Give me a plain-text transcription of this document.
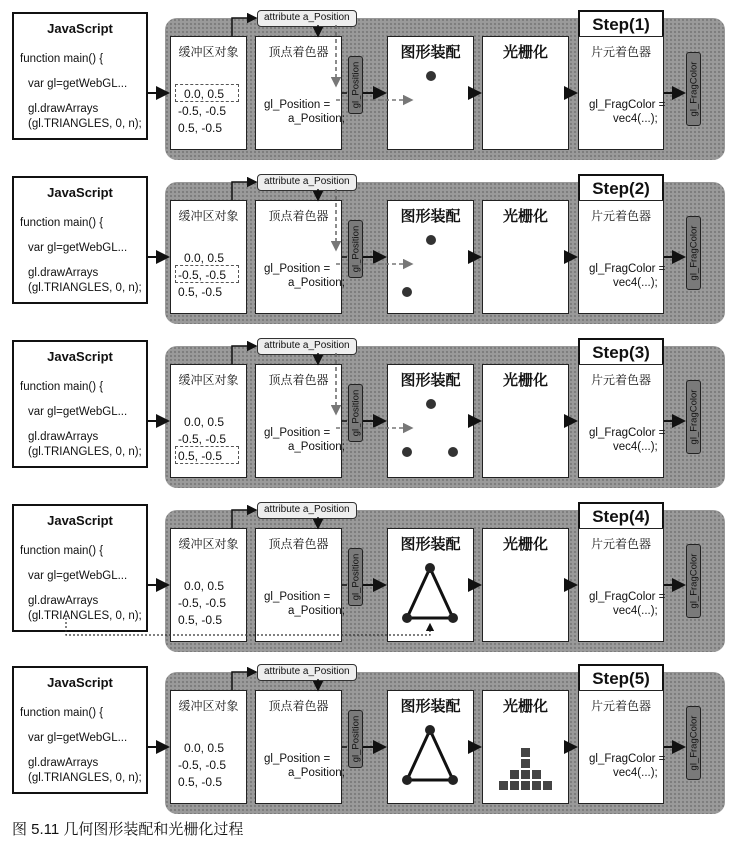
JavaScript
function main() {
var gl=getWebGL...
gl.drawArrays
(gl.TRIANGLES, 0, n);
Step(1)
attribute a_Position
缓冲区对象
0.0, 0.5
-0.5, -0.5
0.5, -0.5
顶点着色器
gl_Position =
a_Position;
gl_Position
图形装配	光栅化	片元着色器
gl_FragColor =
vec4(...);
gl_FragColor
JavaScript
function main() {
var gl=getWebGL...
gl.drawArrays
(gl.TRIANGLES, 0, n);
Step(2)
attribute a_Position
缓冲区对象
0.0, 0.5
-0.5, -0.5
0.5, -0.5
顶点着色器
gl_Position =
a_Position;
gl_Position
图形装配	光栅化	片元着色器
gl_FragColor =
vec4(...);
gl_FragColor
JavaScript
function main() {
var gl=getWebGL...
gl.drawArrays
(gl.TRIANGLES, 0, n);
Step(3)
attribute a_Position
缓冲区对象
0.0, 0.5
-0.5, -0.5
0.5, -0.5
顶点着色器
gl_Position =
a_Position;
gl_Position
图形装配	光栅化	片元着色器
gl_FragColor =
vec4(...);
gl_FragColor
JavaScript
function main() {
var gl=getWebGL...
gl.drawArrays
(gl.TRIANGLES, 0, n);
Step(4)
attribute a_Position
缓冲区对象
0.0, 0.5
-0.5, -0.5
0.5, -0.5
顶点着色器
gl_Position =
a_Position;
gl_Position
图形装配	光栅化	片元着色器
gl_FragColor =
vec4(...);
gl_FragColor
JavaScript
function main() {
var gl=getWebGL...
gl.drawArrays
(gl.TRIANGLES, 0, n);
Step(5)
attribute a_Position
缓冲区对象
0.0, 0.5
-0.5, -0.5
0.5, -0.5
顶点着色器
gl_Position =
a_Position;
gl_Position
图形装配	光栅化	片元着色器
gl_FragColor =
vec4(...);
gl_FragColor
图 5.11 几何图形装配和光栅化过程
